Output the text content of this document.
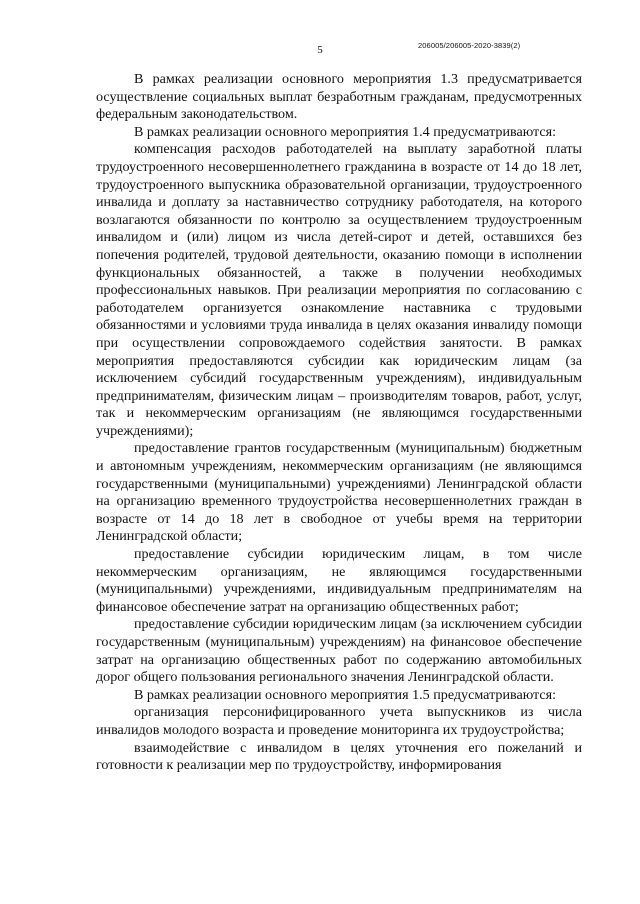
5	206005/206005-2020-3839(2)

В рамках реализации основного мероприятия 1.3 предусматривается осуществление социальных выплат безработным гражданам, предусмотренных федеральным законодательством.

В рамках реализации основного мероприятия 1.4 предусматриваются:

компенсация расходов работодателей на выплату заработной платы трудоустроенного несовершеннолетнего гражданина в возрасте от 14 до 18 лет, трудоустроенного выпускника образовательной организации, трудоустроенного инвалида и доплату за наставничество сотруднику работодателя, на которого возлагаются обязанности по контролю за осуществлением трудоустроенным инвалидом и (или) лицом из числа детей-сирот и детей, оставшихся без попечения родителей, трудовой деятельности, оказанию помощи в исполнении функциональных обязанностей, а также в получении необходимых профессиональных навыков. При реализации мероприятия по согласованию с работодателем организуется ознакомление наставника с трудовыми обязанностями и условиями труда инвалида в целях оказания инвалиду помощи при осуществлении сопровождаемого содействия занятости. В рамках мероприятия предоставляются субсидии как юридическим лицам (за исключением субсидий государственным учреждениям), индивидуальным предпринимателям, физическим лицам – производителям товаров, работ, услуг, так и некоммерческим организациям (не являющимся государственными учреждениями);

предоставление грантов государственным (муниципальным) бюджетным и автономным учреждениям, некоммерческим организациям (не являющимся государственными (муниципальными) учреждениями) Ленинградской области на организацию временного трудоустройства несовершеннолетних граждан в возрасте от 14 до 18 лет в свободное от учебы время на территории Ленинградской области;

предоставление субсидии юридическим лицам, в том числе некоммерческим организациям, не являющимся государственными (муниципальными) учреждениями, индивидуальным предпринимателям на финансовое обеспечение затрат на организацию общественных работ;

предоставление субсидии юридическим лицам (за исключением субсидии государственным (муниципальным) учреждениям) на финансовое обеспечение затрат на организацию общественных работ по содержанию автомобильных дорог общего пользования регионального значения Ленинградской области.

В рамках реализации основного мероприятия 1.5 предусматриваются:

организация персонифицированного учета выпускников из числа инвалидов молодого возраста и проведение мониторинга их трудоустройства;

взаимодействие с инвалидом в целях уточнения его пожеланий и готовности к реализации мер по трудоустройству, информирования
